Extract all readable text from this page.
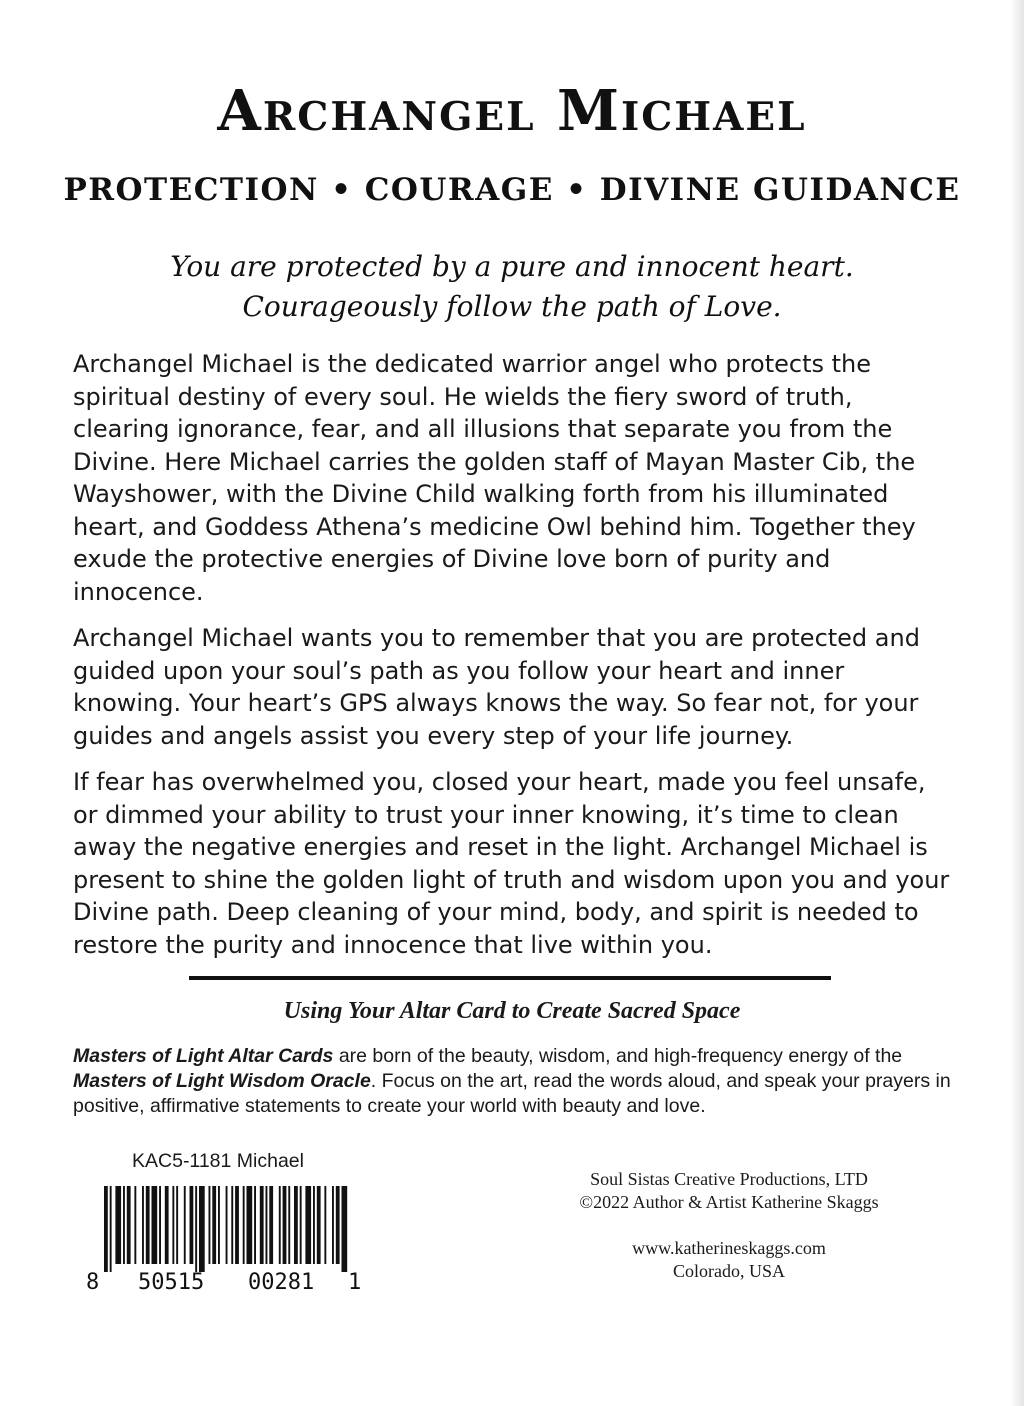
Archangel Michael
PROTECTION • COURAGE • DIVINE GUIDANCE
You are protected by a pure and innocent heart.
Courageously follow the path of Love.

Archangel Michael is the dedicated warrior angel who protects the spiritual destiny of every soul. He wields the fiery sword of truth, clearing ignorance, fear, and all illusions that separate you from the Divine. Here Michael carries the golden staff of Mayan Master Cib, the Wayshower, with the Divine Child walking forth from his illuminated heart, and Goddess Athena’s medicine Owl behind him. Together they exude the protective energies of Divine love born of purity and innocence.

Archangel Michael wants you to remember that you are protected and guided upon your soul’s path as you follow your heart and inner knowing. Your heart’s GPS always knows the way. So fear not, for your guides and angels assist you every step of your life journey.

If fear has overwhelmed you, closed your heart, made you feel unsafe, or dimmed your ability to trust your inner knowing, it’s time to clean away the negative energies and reset in the light. Archangel Michael is present to shine the golden light of truth and wisdom upon you and your Divine path. Deep cleaning of your mind, body, and spirit is needed to restore the purity and innocence that live within you.

Using Your Altar Card to Create Sacred Space
Masters of Light Altar Cards are born of the beauty, wisdom, and high-frequency energy of the Masters of Light Wisdom Oracle. Focus on the art, read the words aloud, and speak your prayers in positive, affirmative statements to create your world with beauty and love.
KAC5-1181 Michael
8 50515 00281 1
Soul Sistas Creative Productions, LTD
©2022 Author & Artist Katherine Skaggs
www.katherineskaggs.com
Colorado, USA
